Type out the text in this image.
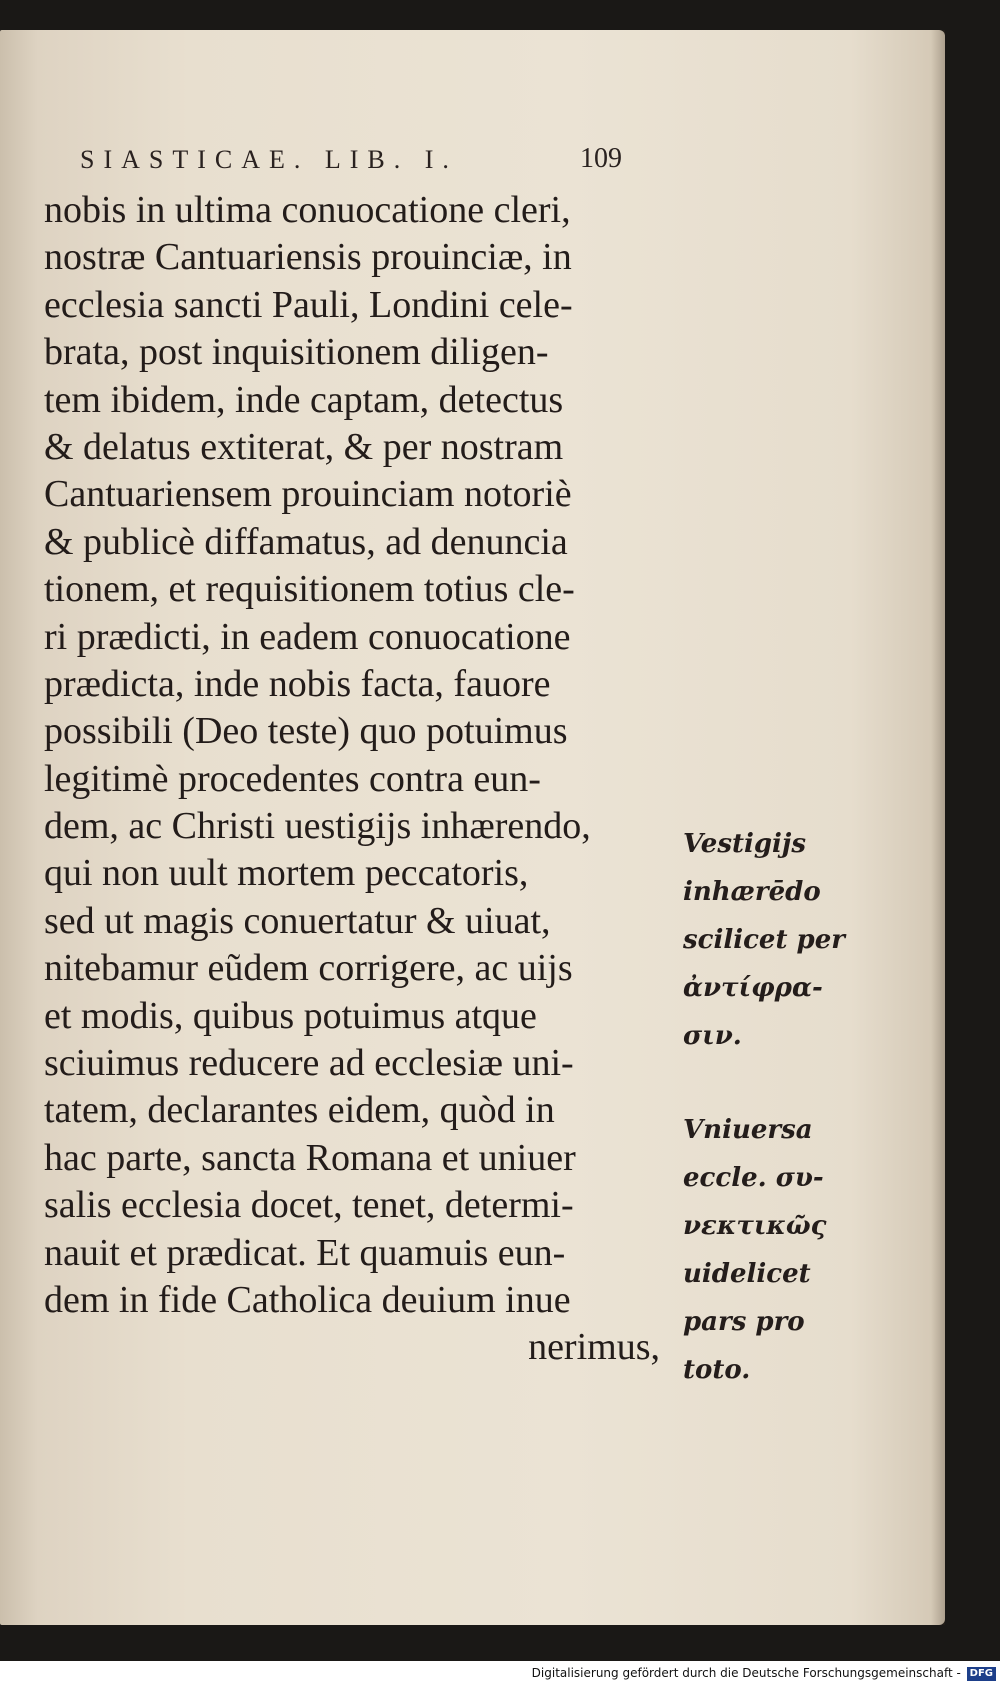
SIASTICAE. LIB. I.	109
nobis in ultima conuocatione cleri,
nostræ Cantuariensis prouinciæ, in
ecclesia sancti Pauli, Londini cele-
brata, post inquisitionem diligen-
tem ibidem, inde captam, detectus
& delatus extiterat, & per nostram
Cantuariensem prouinciam notoriè
& publicè diffamatus, ad denuncia
tionem, et requisitionem totius cle-
ri prædicti, in eadem conuocatione
prædicta, inde nobis facta, fauore
possibili (Deo teste) quo potuimus
legitimè procedentes contra eun-
dem, ac Christi uestigijs inhærendo,
qui non uult mortem peccatoris,
sed ut magis conuertatur & uiuat,
nitebamur eũdem corrigere, ac uijs
et modis, quibus potuimus atque
sciuimus reducere ad ecclesiæ uni-
tatem, declarantes eidem, quòd in
hac parte, sancta Romana et uniuer
salis ecclesia docet, tenet, determi-
nauit et prædicat. Et quamuis eun-
dem in fide Catholica deuium inue
nerimus,
Vestigijs
inhærēdo
scilicet per
ἀντίφρα-
σιν.
Vniuersa
eccle. συ-
νεκτικῶς
uidelicet
pars pro
toto.
Digitalisierung gefördert durch die Deutsche Forschungsgemeinschaft - DFG
